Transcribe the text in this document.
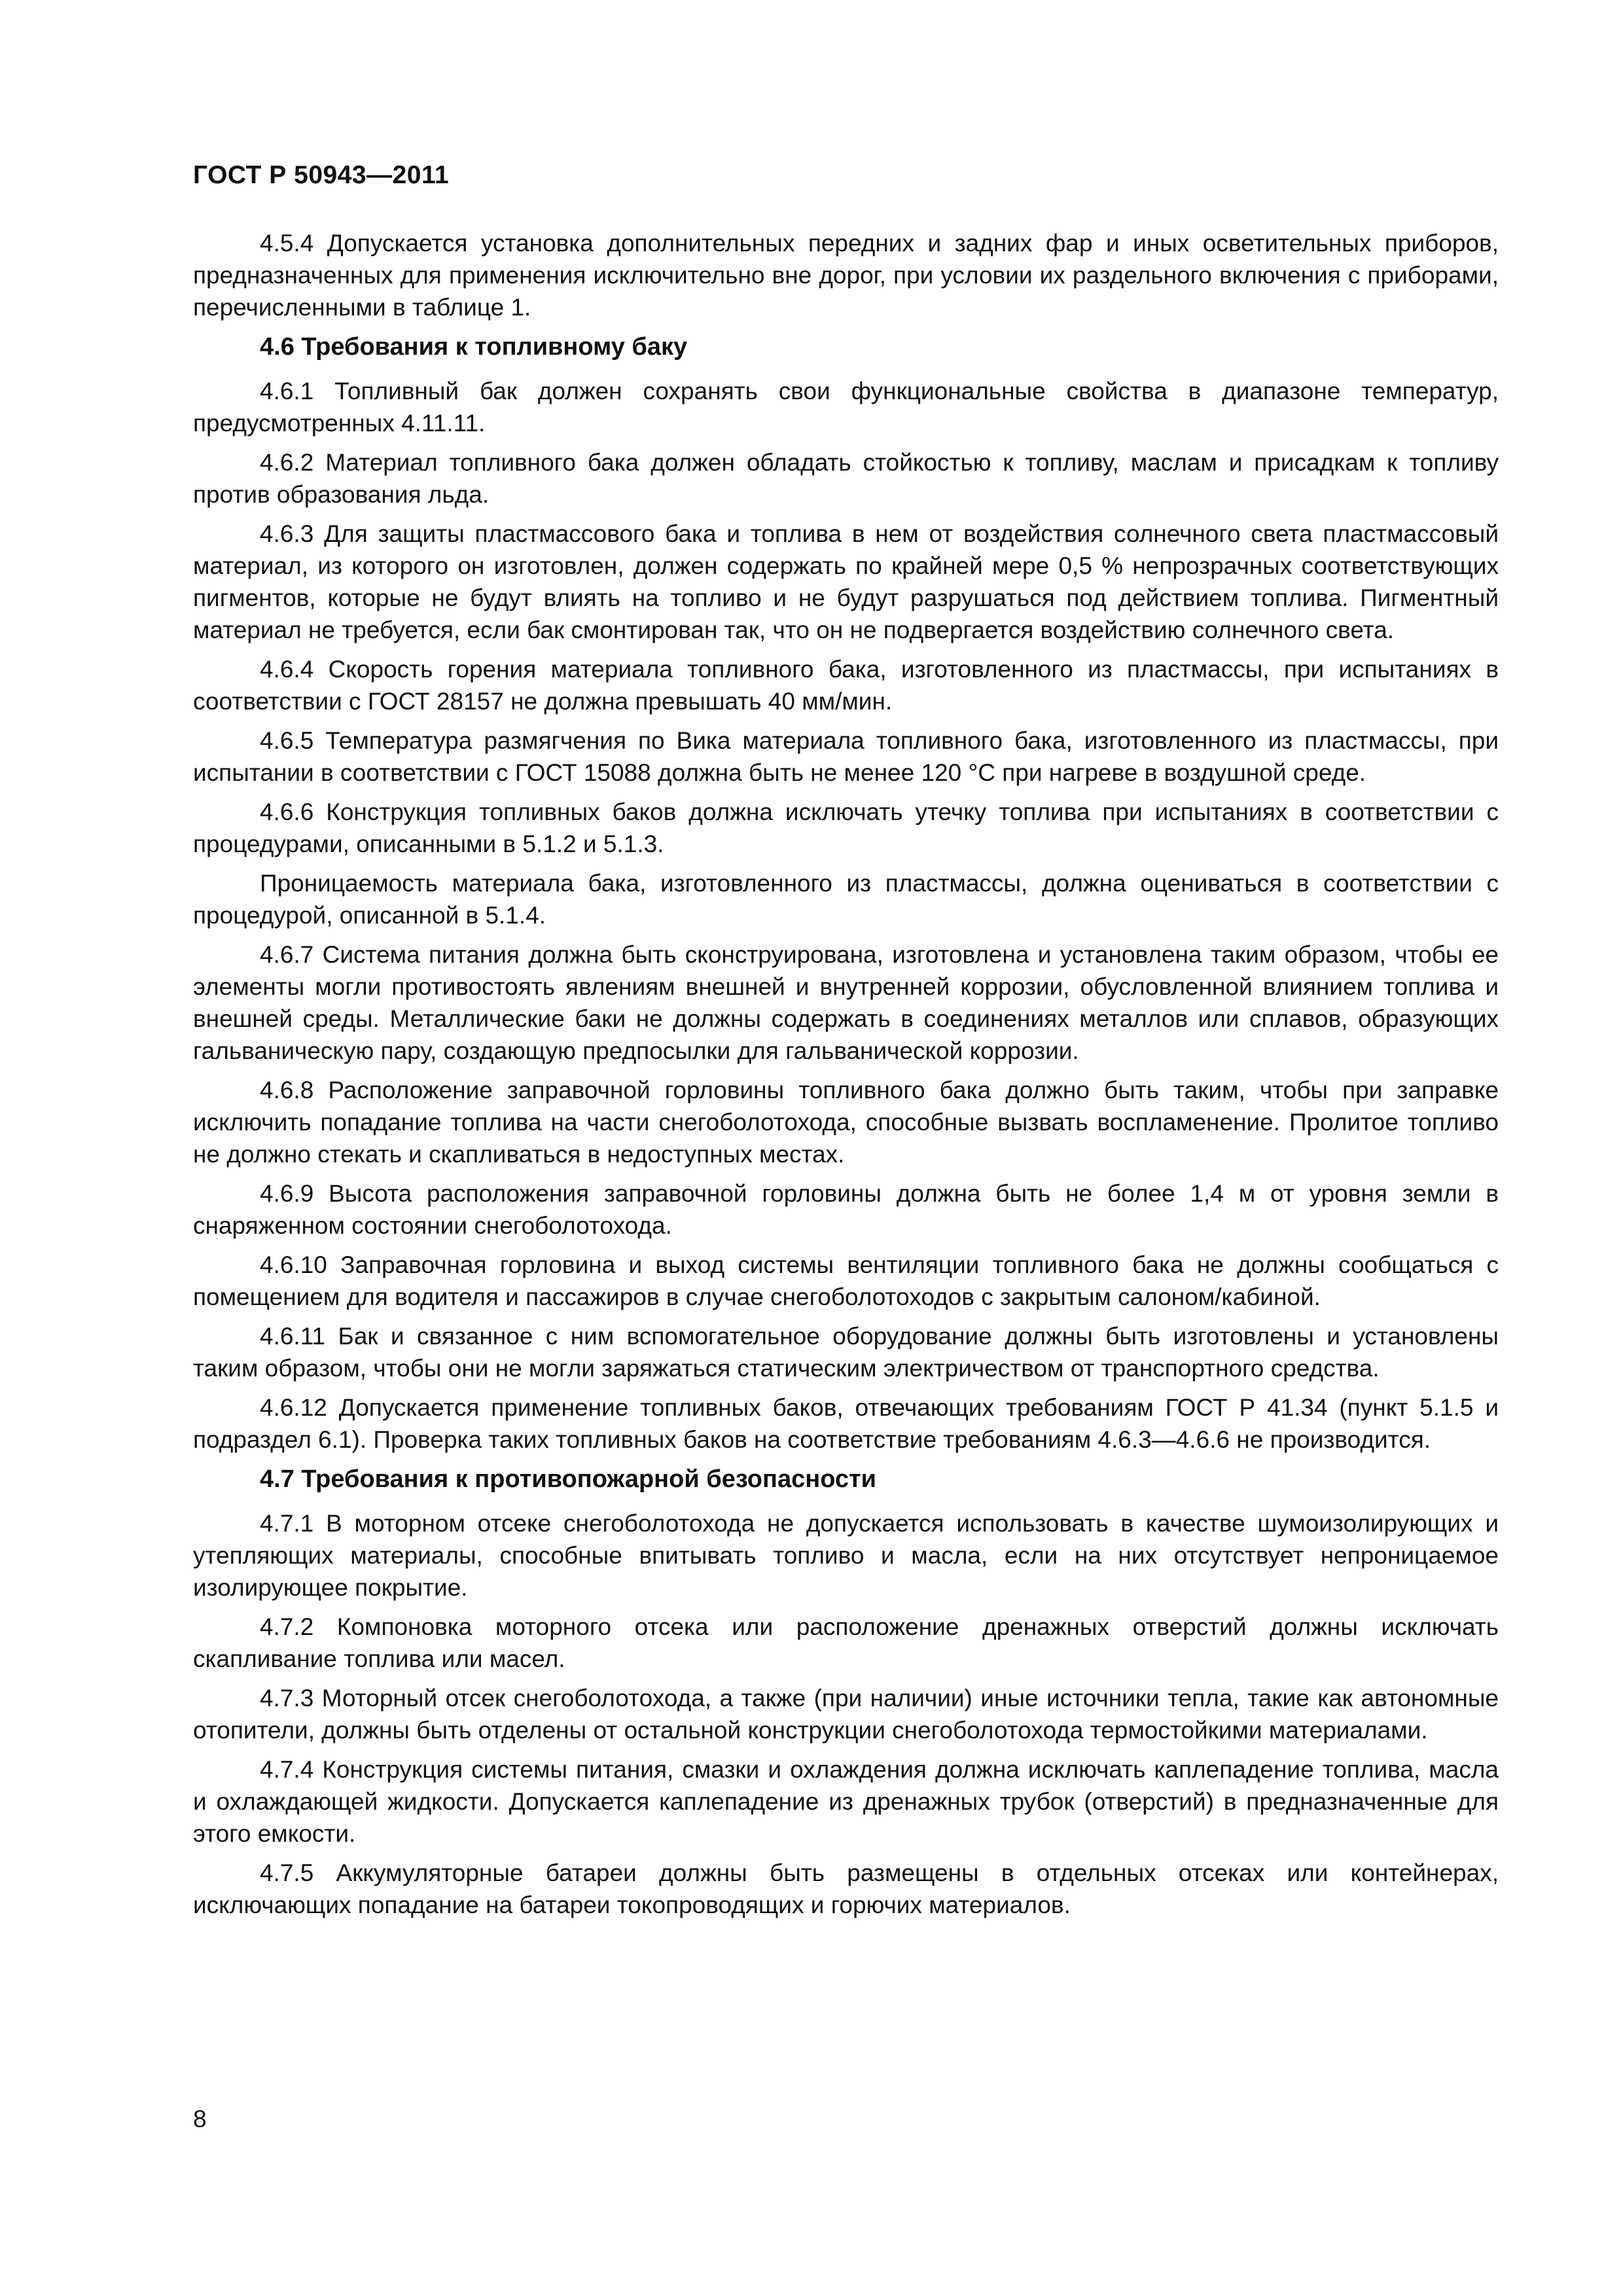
ГОСТ Р 50943—2011

4.5.4 Допускается установка дополнительных передних и задних фар и иных осветительных приборов, предназначенных для применения исключительно вне дорог, при условии их раздельного включения с приборами, перечисленными в таблице 1.

4.6 Требования к топливному баку

4.6.1 Топливный бак должен сохранять свои функциональные свойства в диапазоне температур, предусмотренных 4.11.11.

4.6.2 Материал топливного бака должен обладать стойкостью к топливу, маслам и присадкам к топливу против образования льда.

4.6.3 Для защиты пластмассового бака и топлива в нем от воздействия солнечного света пластмассовый материал, из которого он изготовлен, должен содержать по крайней мере 0,5 % непрозрачных соответствующих пигментов, которые не будут влиять на топливо и не будут разрушаться под действием топлива. Пигментный материал не требуется, если бак смонтирован так, что он не подвергается воздействию солнечного света.

4.6.4 Скорость горения материала топливного бака, изготовленного из пластмассы, при испытаниях в соответствии с ГОСТ 28157 не должна превышать 40 мм/мин.

4.6.5 Температура размягчения по Вика материала топливного бака, изготовленного из пластмассы, при испытании в соответствии с ГОСТ 15088 должна быть не менее 120 °С при нагреве в воздушной среде.

4.6.6 Конструкция топливных баков должна исключать утечку топлива при испытаниях в соответствии с процедурами, описанными в 5.1.2 и 5.1.3.

Проницаемость материала бака, изготовленного из пластмассы, должна оцениваться в соответствии с процедурой, описанной в 5.1.4.

4.6.7 Система питания должна быть сконструирована, изготовлена и установлена таким образом, чтобы ее элементы могли противостоять явлениям внешней и внутренней коррозии, обусловленной влиянием топлива и внешней среды. Металлические баки не должны содержать в соединениях металлов или сплавов, образующих гальваническую пару, создающую предпосылки для гальванической коррозии.

4.6.8 Расположение заправочной горловины топливного бака должно быть таким, чтобы при заправке исключить попадание топлива на части снегоболотохода, способные вызвать воспламенение. Пролитое топливо не должно стекать и скапливаться в недоступных местах.

4.6.9 Высота расположения заправочной горловины должна быть не более 1,4 м от уровня земли в снаряженном состоянии снегоболотохода.

4.6.10 Заправочная горловина и выход системы вентиляции топливного бака не должны сообщаться с помещением для водителя и пассажиров в случае снегоболотоходов с закрытым салоном/кабиной.

4.6.11 Бак и связанное с ним вспомогательное оборудование должны быть изготовлены и установлены таким образом, чтобы они не могли заряжаться статическим электричеством от транспортного средства.

4.6.12 Допускается применение топливных баков, отвечающих требованиям ГОСТ Р 41.34 (пункт 5.1.5 и подраздел 6.1). Проверка таких топливных баков на соответствие требованиям 4.6.3—4.6.6 не производится.

4.7 Требования к противопожарной безопасности

4.7.1 В моторном отсеке снегоболотохода не допускается использовать в качестве шумоизолирующих и утепляющих материалы, способные впитывать топливо и масла, если на них отсутствует непроницаемое изолирующее покрытие.

4.7.2 Компоновка моторного отсека или расположение дренажных отверстий должны исключать скапливание топлива или масел.

4.7.3 Моторный отсек снегоболотохода, а также (при наличии) иные источники тепла, такие как автономные отопители, должны быть отделены от остальной конструкции снегоболотохода термостойкими материалами.

4.7.4 Конструкция системы питания, смазки и охлаждения должна исключать каплепадение топлива, масла и охлаждающей жидкости. Допускается каплепадение из дренажных трубок (отверстий) в предназначенные для этого емкости.

4.7.5 Аккумуляторные батареи должны быть размещены в отдельных отсеках или контейнерах, исключающих попадание на батареи токопроводящих и горючих материалов.

8
